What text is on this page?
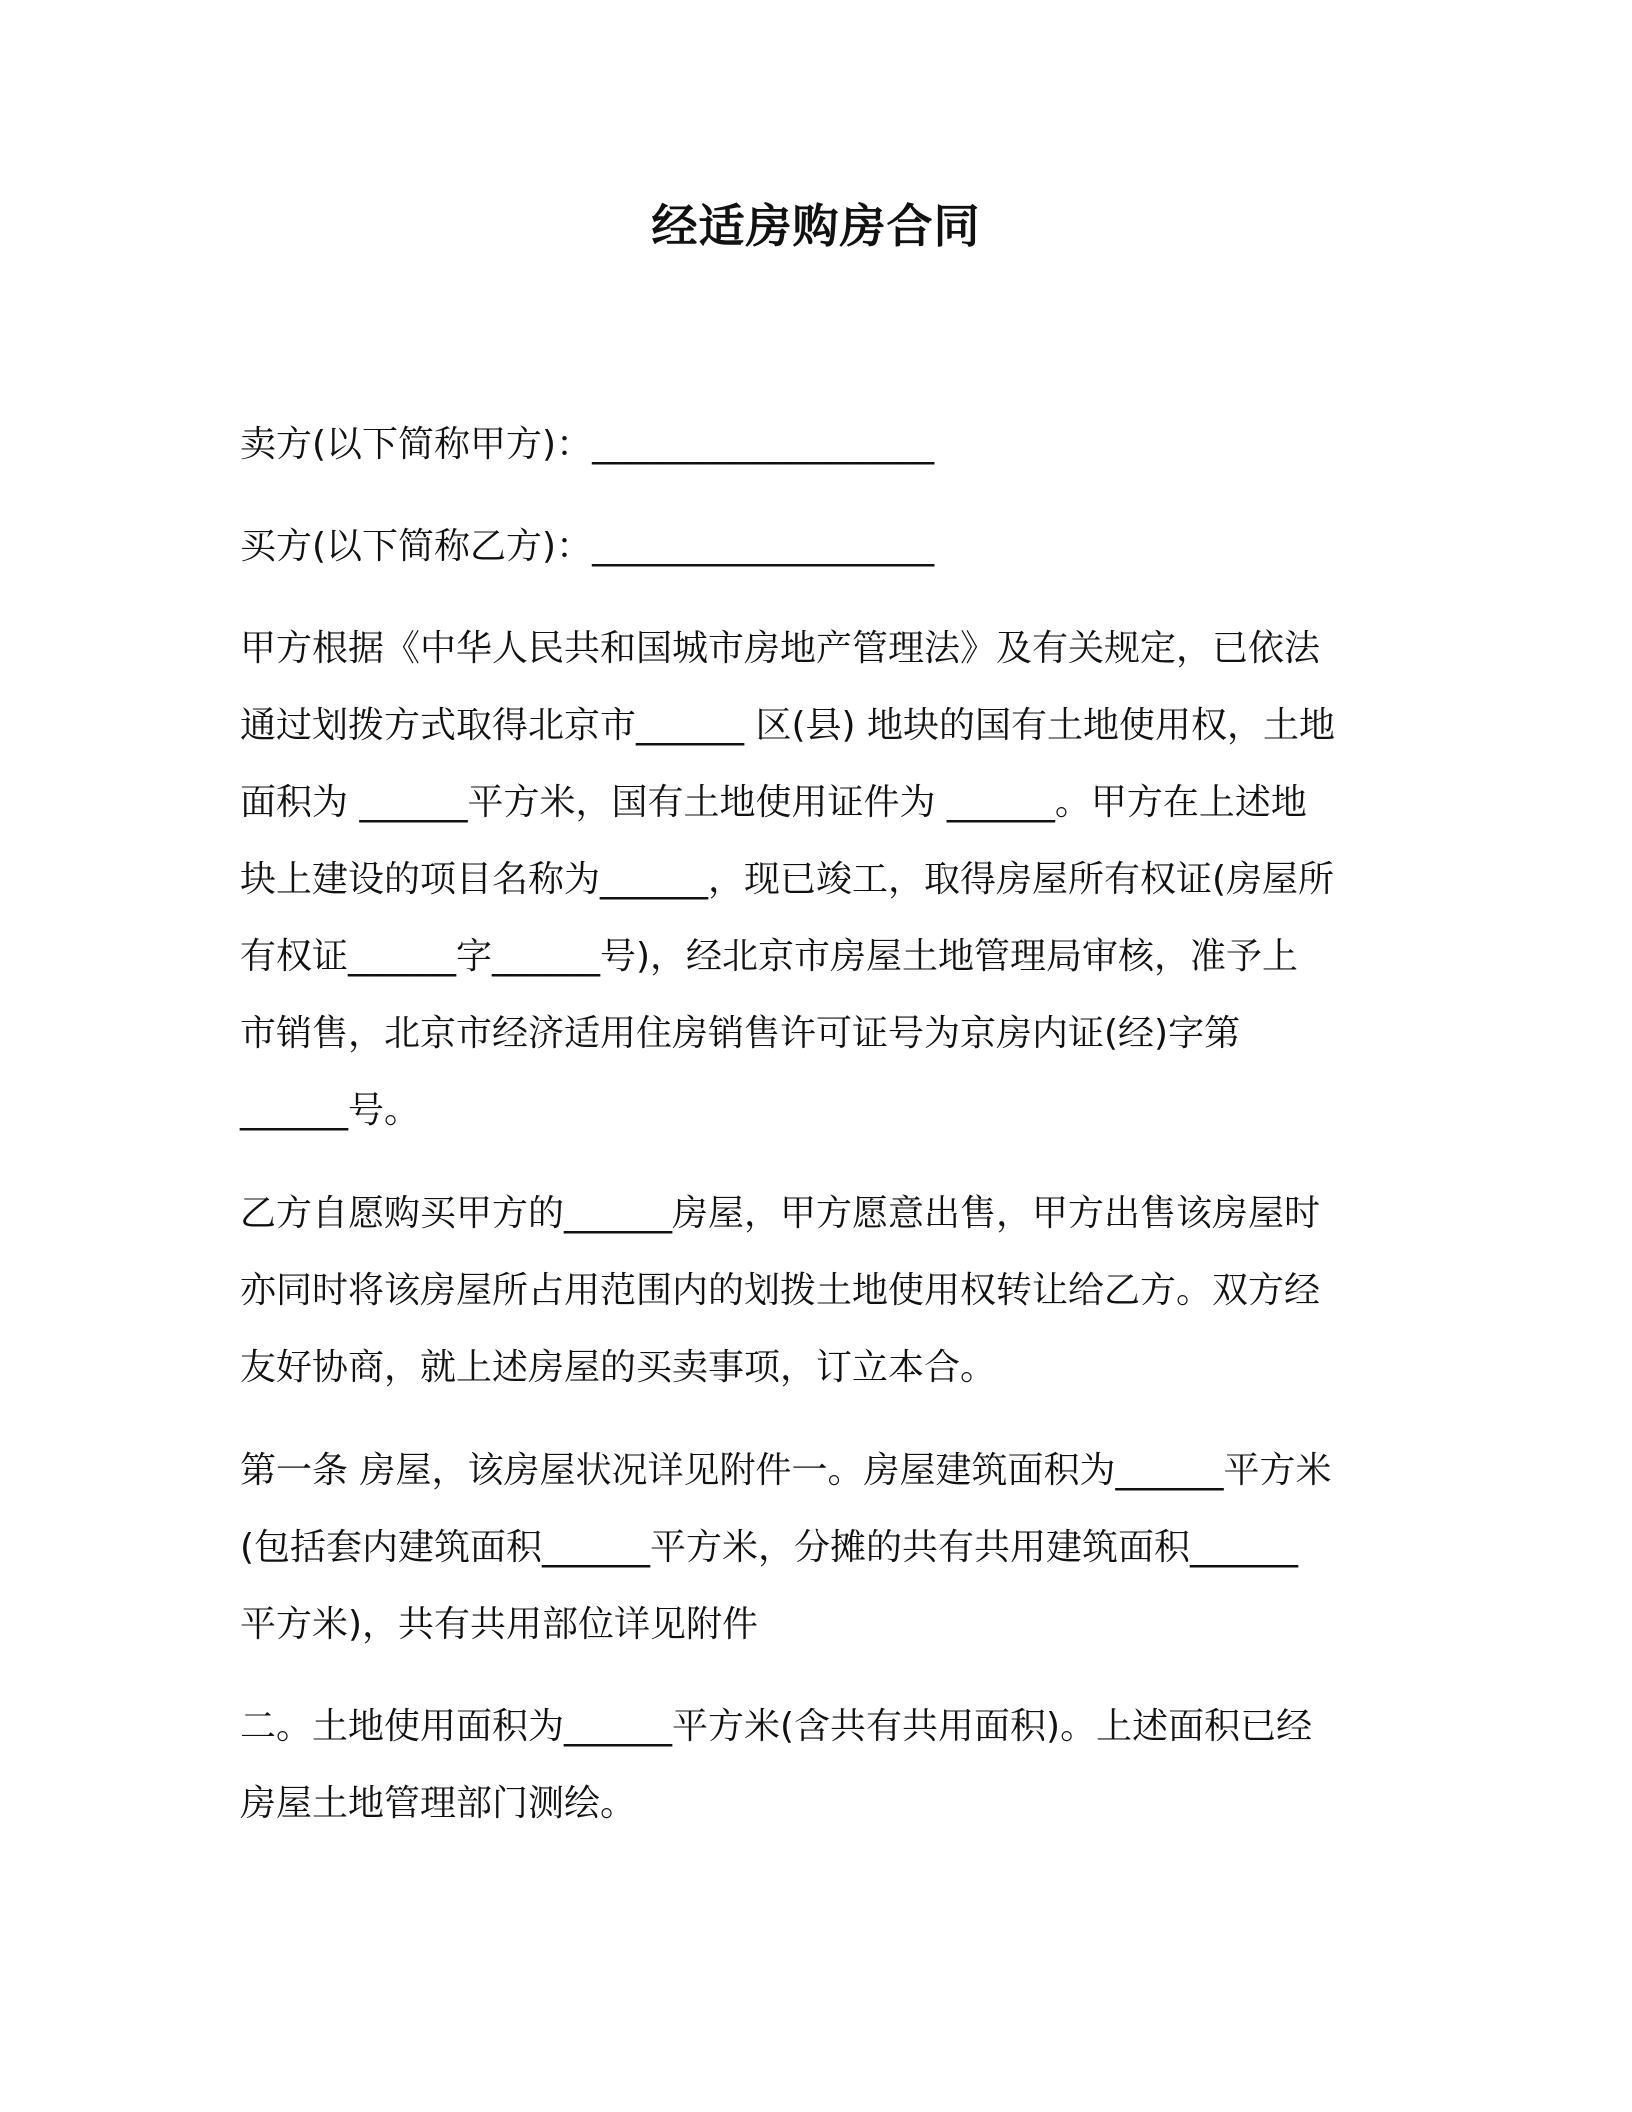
经适房购房合同
卖方(以下简称甲方)：___________________
买方(以下简称乙方)：___________________
甲方根据《中华人民共和国城市房地产管理法》及有关规定，已依法
通过划拨方式取得北京市______ 区(县) 地块的国有土地使用权，土地
面积为 ______平方米，国有土地使用证件为 ______。甲方在上述地
块上建设的项目名称为______，现已竣工，取得房屋所有权证(房屋所
有权证______字______号)，经北京市房屋土地管理局审核，准予上
市销售，北京市经济适用住房销售许可证号为京房内证(经)字第
______号。
乙方自愿购买甲方的______房屋，甲方愿意出售，甲方出售该房屋时
亦同时将该房屋所占用范围内的划拨土地使用权转让给乙方。双方经
友好协商，就上述房屋的买卖事项，订立本合。
第一条 房屋，该房屋状况详见附件一。房屋建筑面积为______平方米
(包括套内建筑面积______平方米，分摊的共有共用建筑面积______
平方米)，共有共用部位详见附件
二。土地使用面积为______平方米(含共有共用面积)。上述面积已经
房屋土地管理部门测绘。
